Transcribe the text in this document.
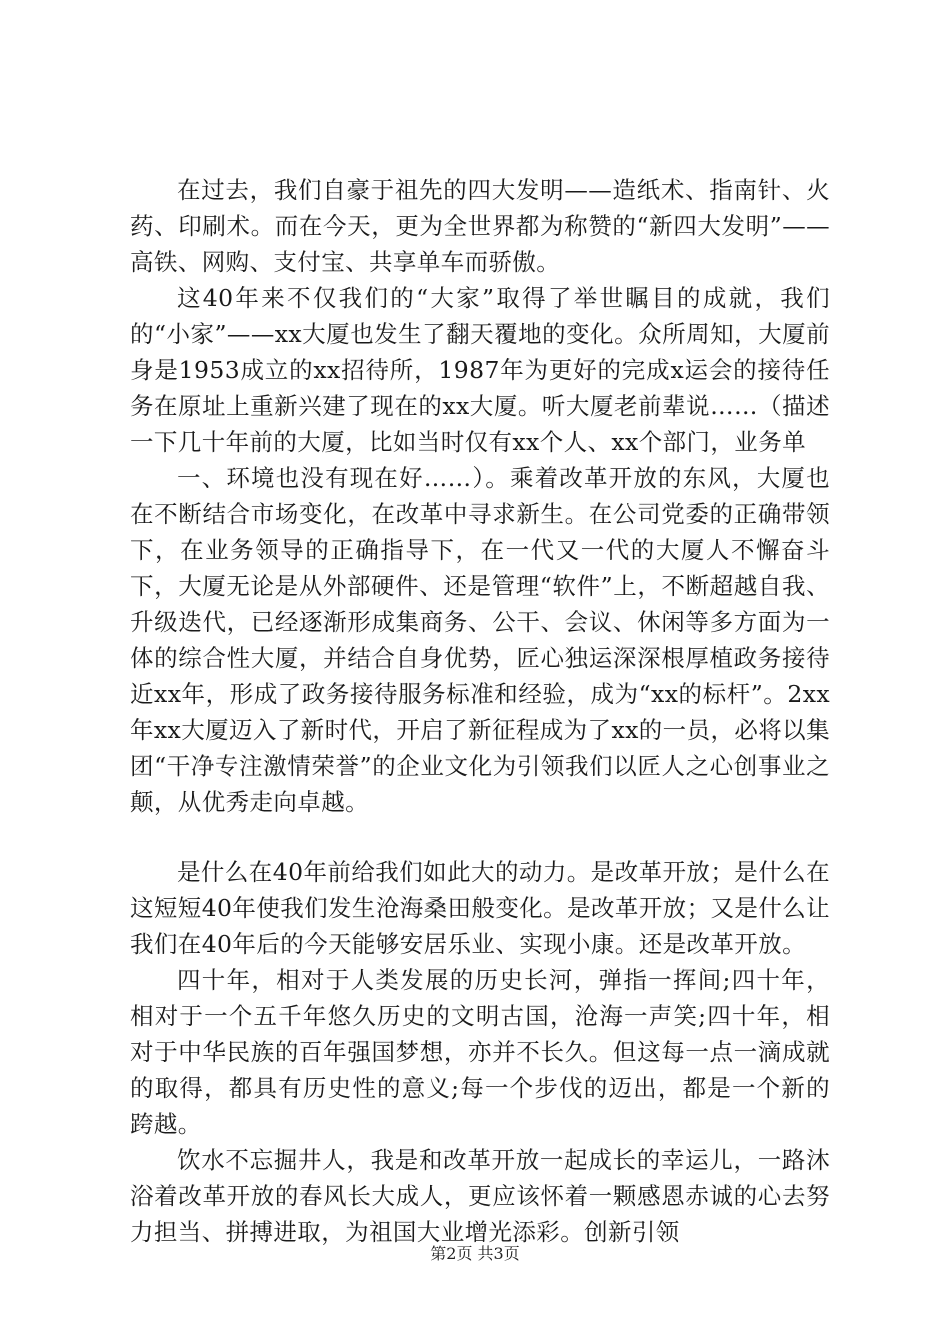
在过去，我们自豪于祖先的四大发明——造纸术、指南针、火药、印刷术。而在今天，更为全世界都为称赞的“新四大发明”——高铁、网购、支付宝、共享单车而骄傲。

这40年来不仅我们的“大家”取得了举世瞩目的成就，我们的“小家”——xx大厦也发生了翻天覆地的变化。众所周知，大厦前身是1953成立的xx招待所，1987年为更好的完成x运会的接待任务在原址上重新兴建了现在的xx大厦。听大厦老前辈说……（描述一下几十年前的大厦，比如当时仅有xx个人、xx个部门，业务单

一、环境也没有现在好……）。乘着改革开放的东风，大厦也在不断结合市场变化，在改革中寻求新生。在公司党委的正确带领下，在业务领导的正确指导下，在一代又一代的大厦人不懈奋斗下，大厦无论是从外部硬件、还是管理“软件”上，不断超越自我、升级迭代，已经逐渐形成集商务、公干、会议、休闲等多方面为一体的综合性大厦，并结合自身优势，匠心独运深深根厚植政务接待近xx年，形成了政务接待服务标准和经验，成为“xx的标杆”。2xx年xx大厦迈入了新时代，开启了新征程成为了xx的一员，必将以集团“干净专注激情荣誉”的企业文化为引领我们以匠人之心创事业之颠，从优秀走向卓越。

是什么在40年前给我们如此大的动力。是改革开放；是什么在这短短40年使我们发生沧海桑田般变化。是改革开放；又是什么让我们在40年后的今天能够安居乐业、实现小康。还是改革开放。

四十年，相对于人类发展的历史长河，弹指一挥间;四十年，相对于一个五千年悠久历史的文明古国，沧海一声笑;四十年，相对于中华民族的百年强国梦想，亦并不长久。但这每一点一滴成就的取得，都具有历史性的意义;每一个步伐的迈出，都是一个新的跨越。

饮水不忘掘井人，我是和改革开放一起成长的幸运儿，一路沐浴着改革开放的春风长大成人，更应该怀着一颗感恩赤诚的心去努力担当、拼搏进取，为祖国大业增光添彩。创新引领

第2页 共3页
